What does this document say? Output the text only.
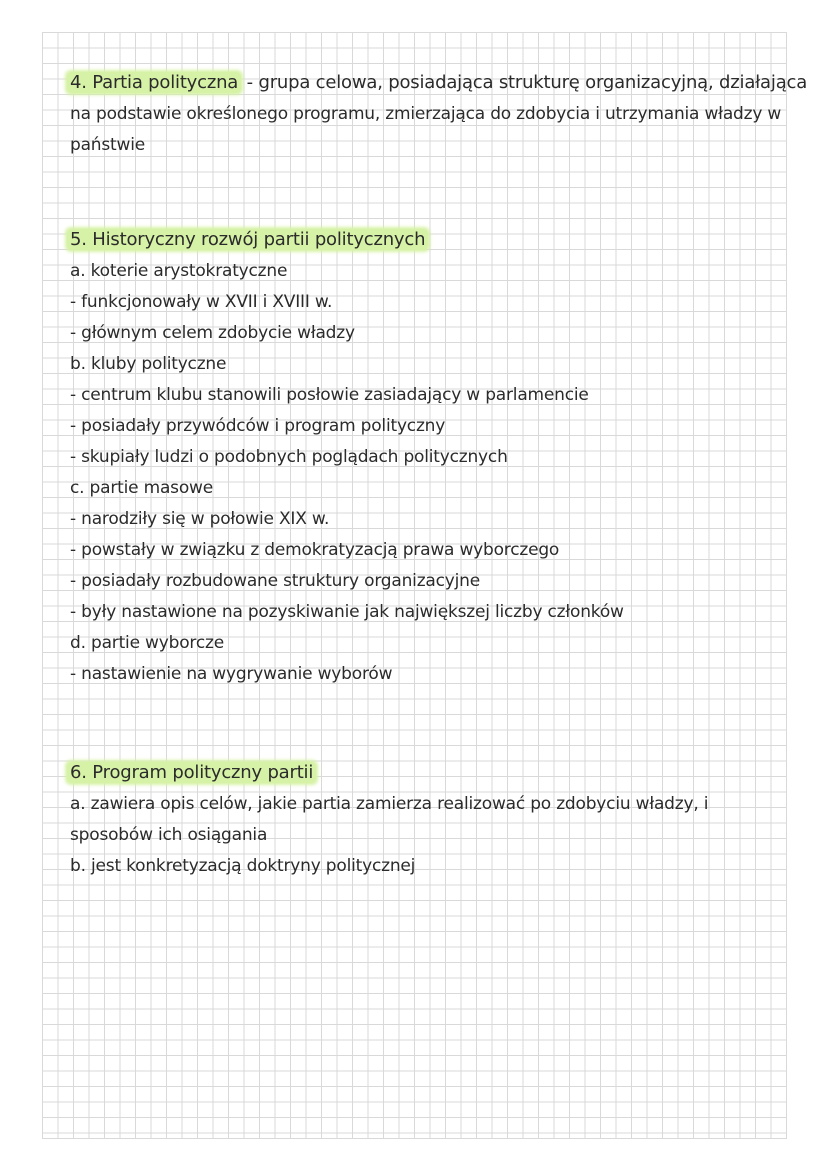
4. Partia polityczna - grupa celowa, posiadająca strukturę organizacyjną, działająca
na podstawie określonego programu, zmierzająca do zdobycia i utrzymania władzy w
państwie
5. Historyczny rozwój partii politycznych
a. koterie arystokratyczne
- funkcjonowały w XVII i XVIII w.
- głównym celem zdobycie władzy
b. kluby polityczne
- centrum klubu stanowili posłowie zasiadający w parlamencie
- posiadały przywódców i program polityczny
- skupiały ludzi o podobnych poglądach politycznych
c. partie masowe
- narodziły się w połowie XIX w.
- powstały w związku z demokratyzacją prawa wyborczego
- posiadały rozbudowane struktury organizacyjne
- były nastawione na pozyskiwanie jak największej liczby członków
d. partie wyborcze
- nastawienie na wygrywanie wyborów
6. Program polityczny partii
a. zawiera opis celów, jakie partia zamierza realizować po zdobyciu władzy, i
sposobów ich osiągania
b. jest konkretyzacją doktryny politycznej
